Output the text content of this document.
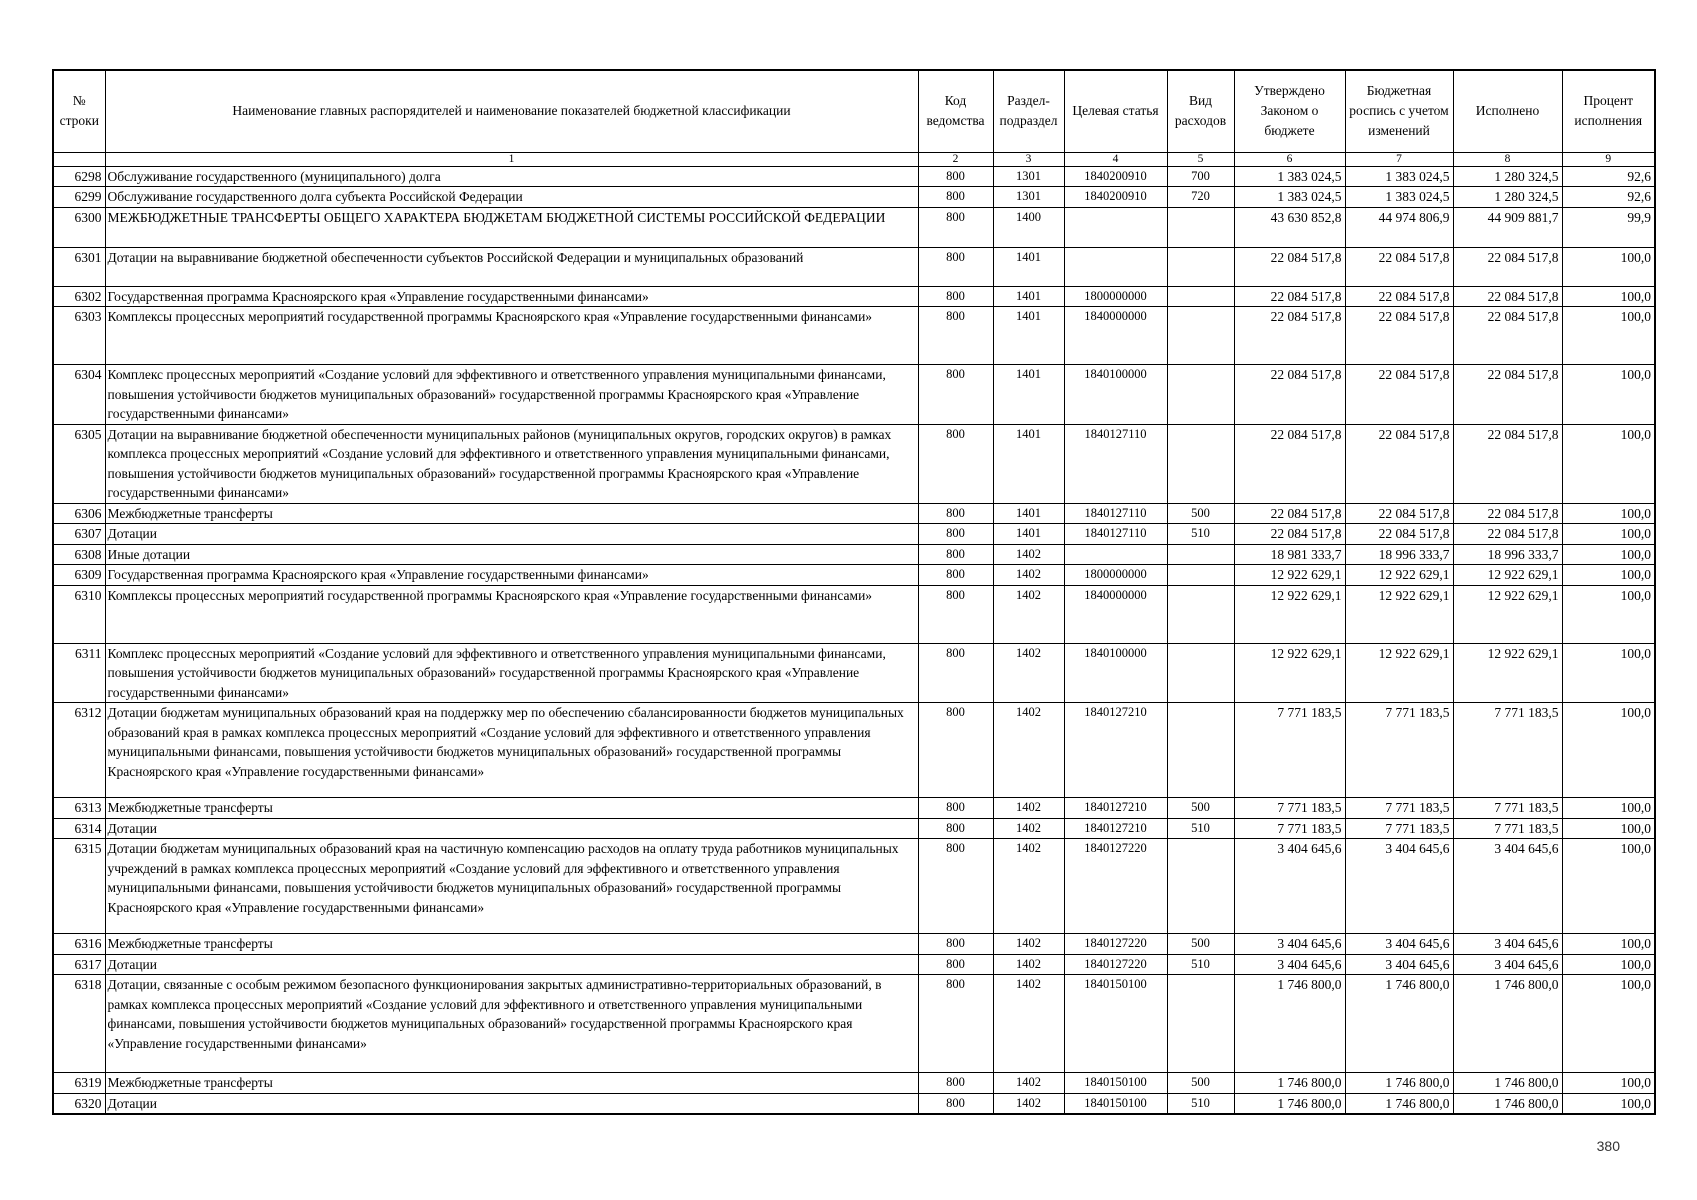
№ строки	Наименование главных распорядителей и наименование показателей бюджетной классификации	Код ведомства	Раздел-подраздел	Целевая статья	Вид расходов	Утверждено Законом о бюджете	Бюджетная роспись с учетом изменений	Исполнено	Процент исполнения
	1	2	3	4	5	6	7	8	9
6298	Обслуживание государственного (муниципального) долга	800	1301	1840200910	700	1 383 024,5	1 383 024,5	1 280 324,5	92,6
6299	Обслуживание государственного долга субъекта Российской Федерации	800	1301	1840200910	720	1 383 024,5	1 383 024,5	1 280 324,5	92,6
6300	МЕЖБЮДЖЕТНЫЕ ТРАНСФЕРТЫ ОБЩЕГО ХАРАКТЕРА БЮДЖЕТАМ БЮДЖЕТНОЙ СИСТЕМЫ РОССИЙСКОЙ ФЕДЕРАЦИИ	800	1400			43 630 852,8	44 974 806,9	44 909 881,7	99,9
6301	Дотации на выравнивание бюджетной обеспеченности субъектов Российской Федерации и муниципальных образований	800	1401			22 084 517,8	22 084 517,8	22 084 517,8	100,0
6302	Государственная программа Красноярского края «Управление государственными финансами»	800	1401	1800000000		22 084 517,8	22 084 517,8	22 084 517,8	100,0
6303	Комплексы процессных мероприятий государственной программы Красноярского края «Управление государственными финансами»	800	1401	1840000000		22 084 517,8	22 084 517,8	22 084 517,8	100,0
6304	Комплекс процессных мероприятий «Создание условий для эффективного и ответственного управления муниципальными финансами, повышения устойчивости бюджетов муниципальных образований» государственной программы Красноярского края «Управление государственными финансами»	800	1401	1840100000		22 084 517,8	22 084 517,8	22 084 517,8	100,0
6305	Дотации на выравнивание бюджетной обеспеченности муниципальных районов (муниципальных округов, городских округов) в рамках комплекса процессных мероприятий «Создание условий для эффективного и ответственного управления муниципальными финансами, повышения устойчивости бюджетов муниципальных образований» государственной программы Красноярского края «Управление государственными финансами»	800	1401	1840127110		22 084 517,8	22 084 517,8	22 084 517,8	100,0
6306	Межбюджетные трансферты	800	1401	1840127110	500	22 084 517,8	22 084 517,8	22 084 517,8	100,0
6307	Дотации	800	1401	1840127110	510	22 084 517,8	22 084 517,8	22 084 517,8	100,0
6308	Иные дотации	800	1402			18 981 333,7	18 996 333,7	18 996 333,7	100,0
6309	Государственная программа Красноярского края «Управление государственными финансами»	800	1402	1800000000		12 922 629,1	12 922 629,1	12 922 629,1	100,0
6310	Комплексы процессных мероприятий государственной программы Красноярского края «Управление государственными финансами»	800	1402	1840000000		12 922 629,1	12 922 629,1	12 922 629,1	100,0
6311	Комплекс процессных мероприятий «Создание условий для эффективного и ответственного управления муниципальными финансами, повышения устойчивости бюджетов муниципальных образований» государственной программы Красноярского края «Управление государственными финансами»	800	1402	1840100000		12 922 629,1	12 922 629,1	12 922 629,1	100,0
6312	Дотации бюджетам муниципальных образований края на поддержку мер по обеспечению сбалансированности бюджетов муниципальных образований края в рамках комплекса процессных мероприятий «Создание условий для эффективного и ответственного управления муниципальными финансами, повышения устойчивости бюджетов муниципальных образований» государственной программы Красноярского края «Управление государственными финансами»	800	1402	1840127210		7 771 183,5	7 771 183,5	7 771 183,5	100,0
6313	Межбюджетные трансферты	800	1402	1840127210	500	7 771 183,5	7 771 183,5	7 771 183,5	100,0
6314	Дотации	800	1402	1840127210	510	7 771 183,5	7 771 183,5	7 771 183,5	100,0
6315	Дотации бюджетам муниципальных образований края на частичную компенсацию расходов на оплату труда работников муниципальных учреждений в рамках комплекса процессных мероприятий «Создание условий для эффективного и ответственного управления муниципальными финансами, повышения устойчивости бюджетов муниципальных образований» государственной программы Красноярского края «Управление государственными финансами»	800	1402	1840127220		3 404 645,6	3 404 645,6	3 404 645,6	100,0
6316	Межбюджетные трансферты	800	1402	1840127220	500	3 404 645,6	3 404 645,6	3 404 645,6	100,0
6317	Дотации	800	1402	1840127220	510	3 404 645,6	3 404 645,6	3 404 645,6	100,0
6318	Дотации, связанные с особым режимом безопасного функционирования закрытых административно-территориальных образований, в рамках комплекса процессных мероприятий «Создание условий для эффективного и ответственного управления муниципальными финансами, повышения устойчивости бюджетов муниципальных образований» государственной программы Красноярского края «Управление государственными финансами»	800	1402	1840150100		1 746 800,0	1 746 800,0	1 746 800,0	100,0
6319	Межбюджетные трансферты	800	1402	1840150100	500	1 746 800,0	1 746 800,0	1 746 800,0	100,0
6320	Дотации	800	1402	1840150100	510	1 746 800,0	1 746 800,0	1 746 800,0	100,0
380
